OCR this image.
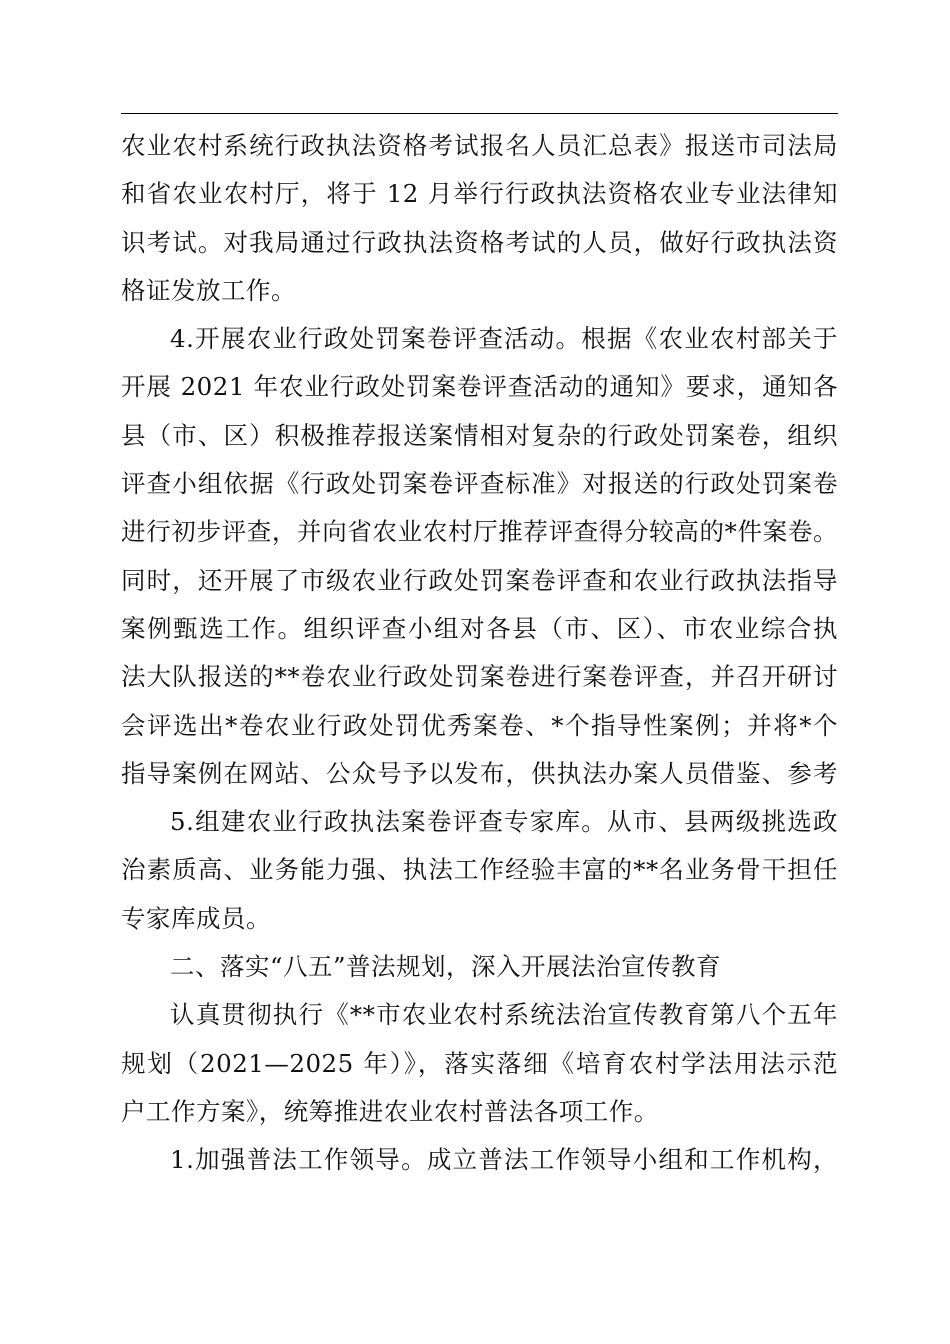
农业农村系统行政执法资格考试报名人员汇总表》报送市司法局
和省农业农村厅，将于 12 月举行行政执法资格农业专业法律知
识考试。对我局通过行政执法资格考试的人员，做好行政执法资
格证发放工作。
4.开展农业行政处罚案卷评查活动。根据《农业农村部关于
开展 2021 年农业行政处罚案卷评查活动的通知》要求，通知各
县（市、区）积极推荐报送案情相对复杂的行政处罚案卷，组织
评查小组依据《行政处罚案卷评查标准》对报送的行政处罚案卷
进行初步评查，并向省农业农村厅推荐评查得分较高的*件案卷。
同时，还开展了市级农业行政处罚案卷评查和农业行政执法指导
案例甄选工作。组织评查小组对各县（市、区）、市农业综合执
法大队报送的**卷农业行政处罚案卷进行案卷评查，并召开研讨
会评选出*卷农业行政处罚优秀案卷、*个指导性案例；并将*个
指导案例在网站、公众号予以发布，供执法办案人员借鉴、参考
5.组建农业行政执法案卷评查专家库。从市、县两级挑选政
治素质高、业务能力强、执法工作经验丰富的**名业务骨干担任
专家库成员。
二、落实“八五”普法规划，深入开展法治宣传教育
认真贯彻执行《**市农业农村系统法治宣传教育第八个五年
规划（2021—2025 年）》，落实落细《培育农村学法用法示范
户工作方案》，统筹推进农业农村普法各项工作。
1.加强普法工作领导。成立普法工作领导小组和工作机构，
